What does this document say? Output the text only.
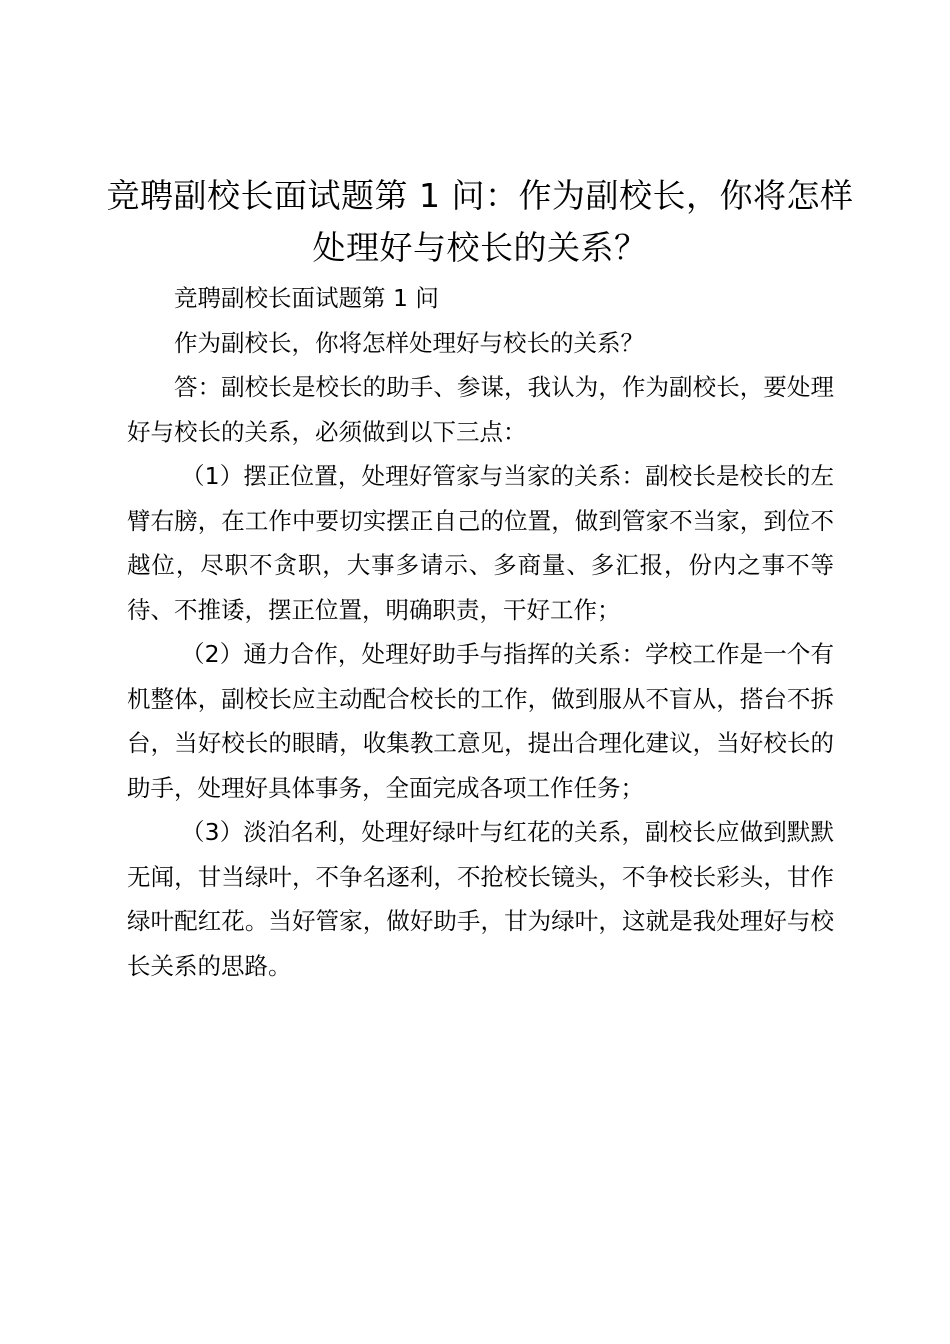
竞聘副校长面试题第 1 问：作为副校长，你将怎样处理好与校长的关系？

竞聘副校长面试题第 1 问

作为副校长，你将怎样处理好与校长的关系？

答：副校长是校长的助手、参谋，我认为，作为副校长，要处理好与校长的关系，必须做到以下三点：

（1）摆正位置，处理好管家与当家的关系：副校长是校长的左臂右膀，在工作中要切实摆正自己的位置，做到管家不当家，到位不越位，尽职不贪职，大事多请示、多商量、多汇报，份内之事不等待、不推诿，摆正位置，明确职责，干好工作；

（2）通力合作，处理好助手与指挥的关系：学校工作是一个有机整体，副校长应主动配合校长的工作，做到服从不盲从，搭台不拆台，当好校长的眼睛，收集教工意见，提出合理化建议，当好校长的助手，处理好具体事务，全面完成各项工作任务；

（3）淡泊名利，处理好绿叶与红花的关系，副校长应做到默默无闻，甘当绿叶，不争名逐利，不抢校长镜头，不争校长彩头，甘作绿叶配红花。当好管家，做好助手，甘为绿叶，这就是我处理好与校长关系的思路。
